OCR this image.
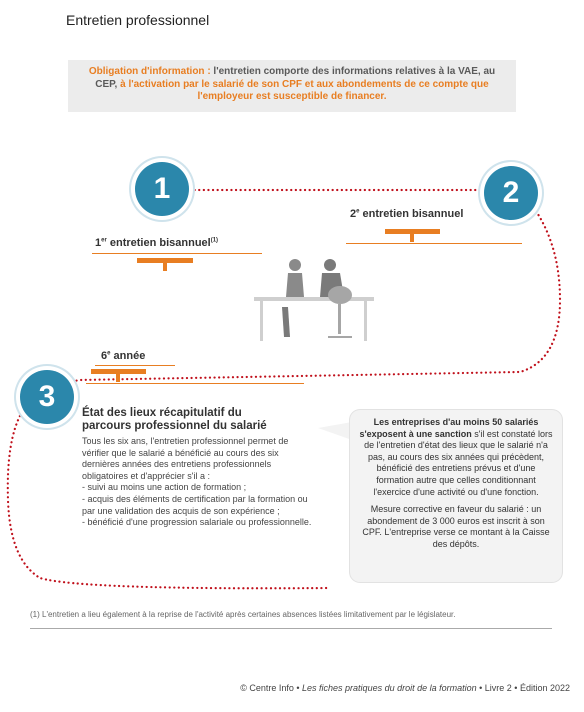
Entretien professionnel
Obligation d'information : l'entretien comporte des informations relatives à la VAE, au CEP, à l'activation par le salarié de son CPF et aux abondements de ce compte que l'employeur est susceptible de financer.
1
1er entretien bisannuel$^{(1)}$
2
2e entretien bisannuel
6e année
3	État des lieux récapitulatif du parcours professionnel du salarié
Tous les six ans, l'entretien professionnel permet de vérifier que le salarié a bénéficié au cours des six dernières années des entretiens professionnels obligatoires et d'apprécier s'il a :
- suivi au moins une action de formation ;
- acquis des éléments de certification par la formation ou par une validation des acquis de son expérience ;
- bénéficié d'une progression salariale ou professionnelle.

Les entreprises d'au moins 50 salariés s'exposent à une sanction s'il est constaté lors de l'entretien d'état des lieux que le salarié n'a pas, au cours des six années qui précèdent, bénéficié des entretiens prévus et d'une formation autre que celles conditionnant l'exercice d'une activité ou d'une fonction.

Mesure corrective en faveur du salarié : un abondement de 3 000 euros est inscrit à son CPF. L'entreprise verse ce montant à la Caisse des dépôts.

(1) L'entretien a lieu également à la reprise de l'activité après certaines absences listées limitativement par le législateur.
© Centre Info • Les fiches pratiques du droit de la formation • Livre 2 • Édition 2022
